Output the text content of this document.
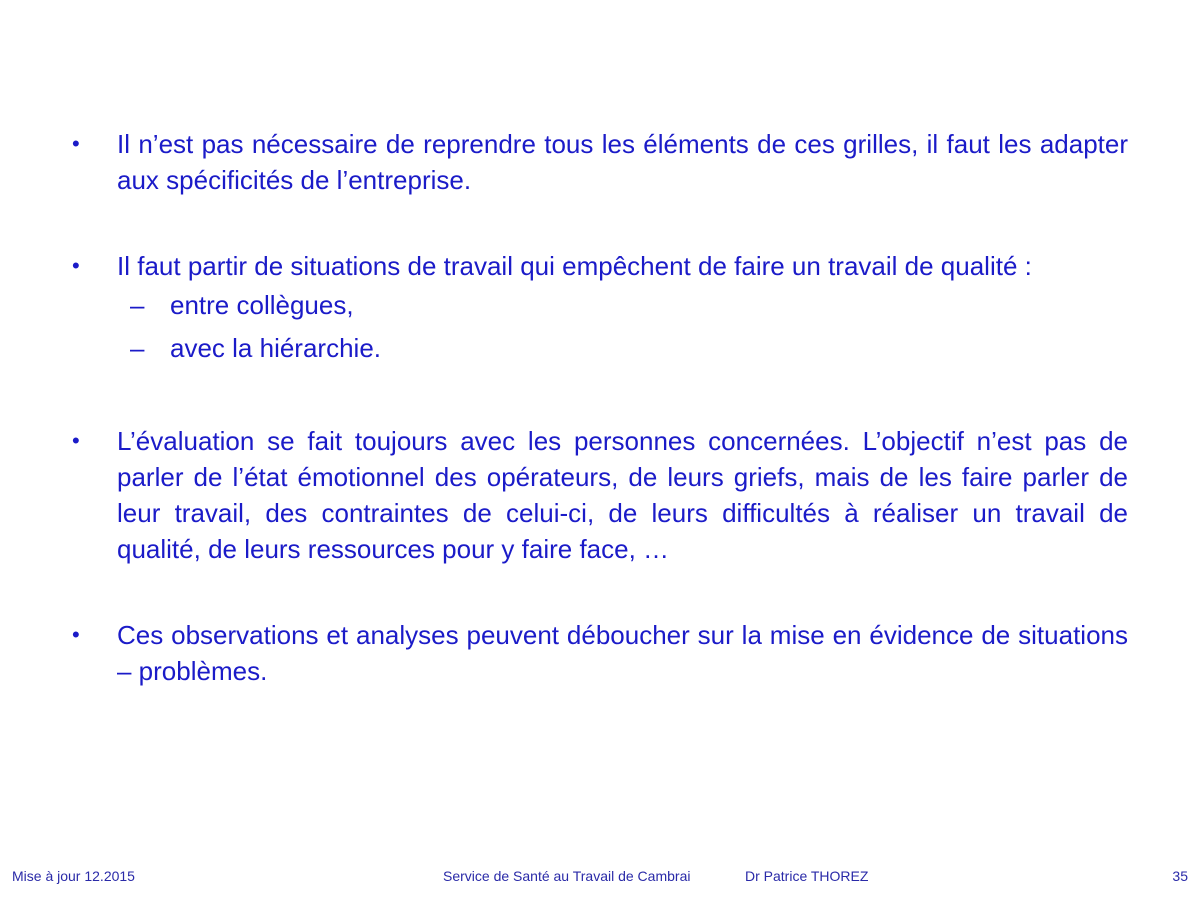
• Il n’est pas nécessaire de reprendre tous les éléments de ces grilles, il faut les adapter aux spécificités de l’entreprise.
• Il faut partir de situations de travail qui empêchent de faire un travail de qualité :
– entre collègues,
– avec la hiérarchie.
• L’évaluation se fait toujours avec les personnes concernées. L’objectif n’est pas de parler de l’état émotionnel des opérateurs, de leurs griefs, mais de les faire parler de leur travail, des contraintes de celui-ci, de leurs difficultés à réaliser un travail de qualité, de leurs ressources pour y faire face, …
• Ces observations et analyses peuvent déboucher sur la mise en évidence de situations – problèmes.
Mise à jour 12.2015	Service de Santé au Travail de Cambrai	Dr Patrice THOREZ	35
